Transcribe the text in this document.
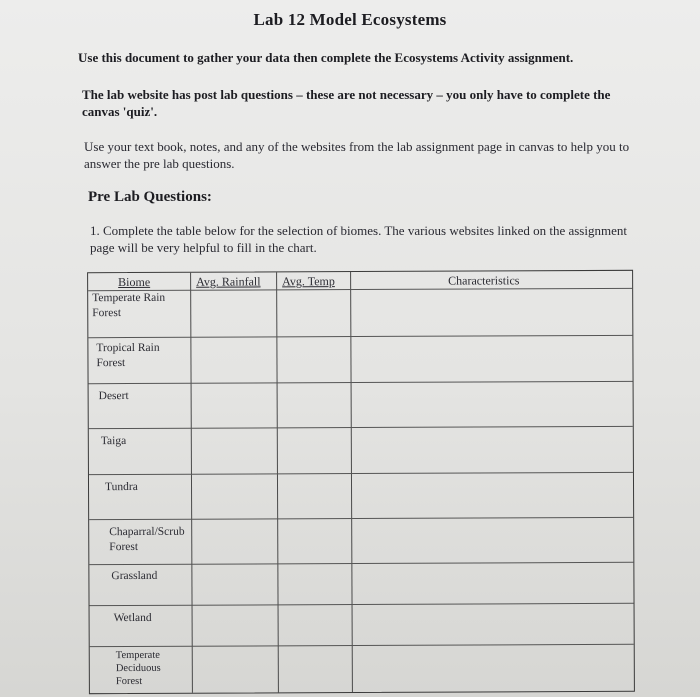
Lab 12 Model Ecosystems
Use this document to gather your data then complete the Ecosystems Activity assignment.
The lab website has post lab questions – these are not necessary – you only have to complete the canvas 'quiz'.
Use your text book, notes, and any of the websites from the lab assignment page in canvas to help you to answer the pre lab questions.
Pre Lab Questions:
1. Complete the table below for the selection of biomes. The various websites linked on the assignment page will be very helpful to fill in the chart.
Biome	Avg. Rainfall Avg. Temp	Characteristics
Temperate Rain
Forest
Tropical Rain
Forest
Desert
Taiga
Tundra
Chaparral/Scrub
Forest
Grassland
Wetland
Temperate
Deciduous
Forest
